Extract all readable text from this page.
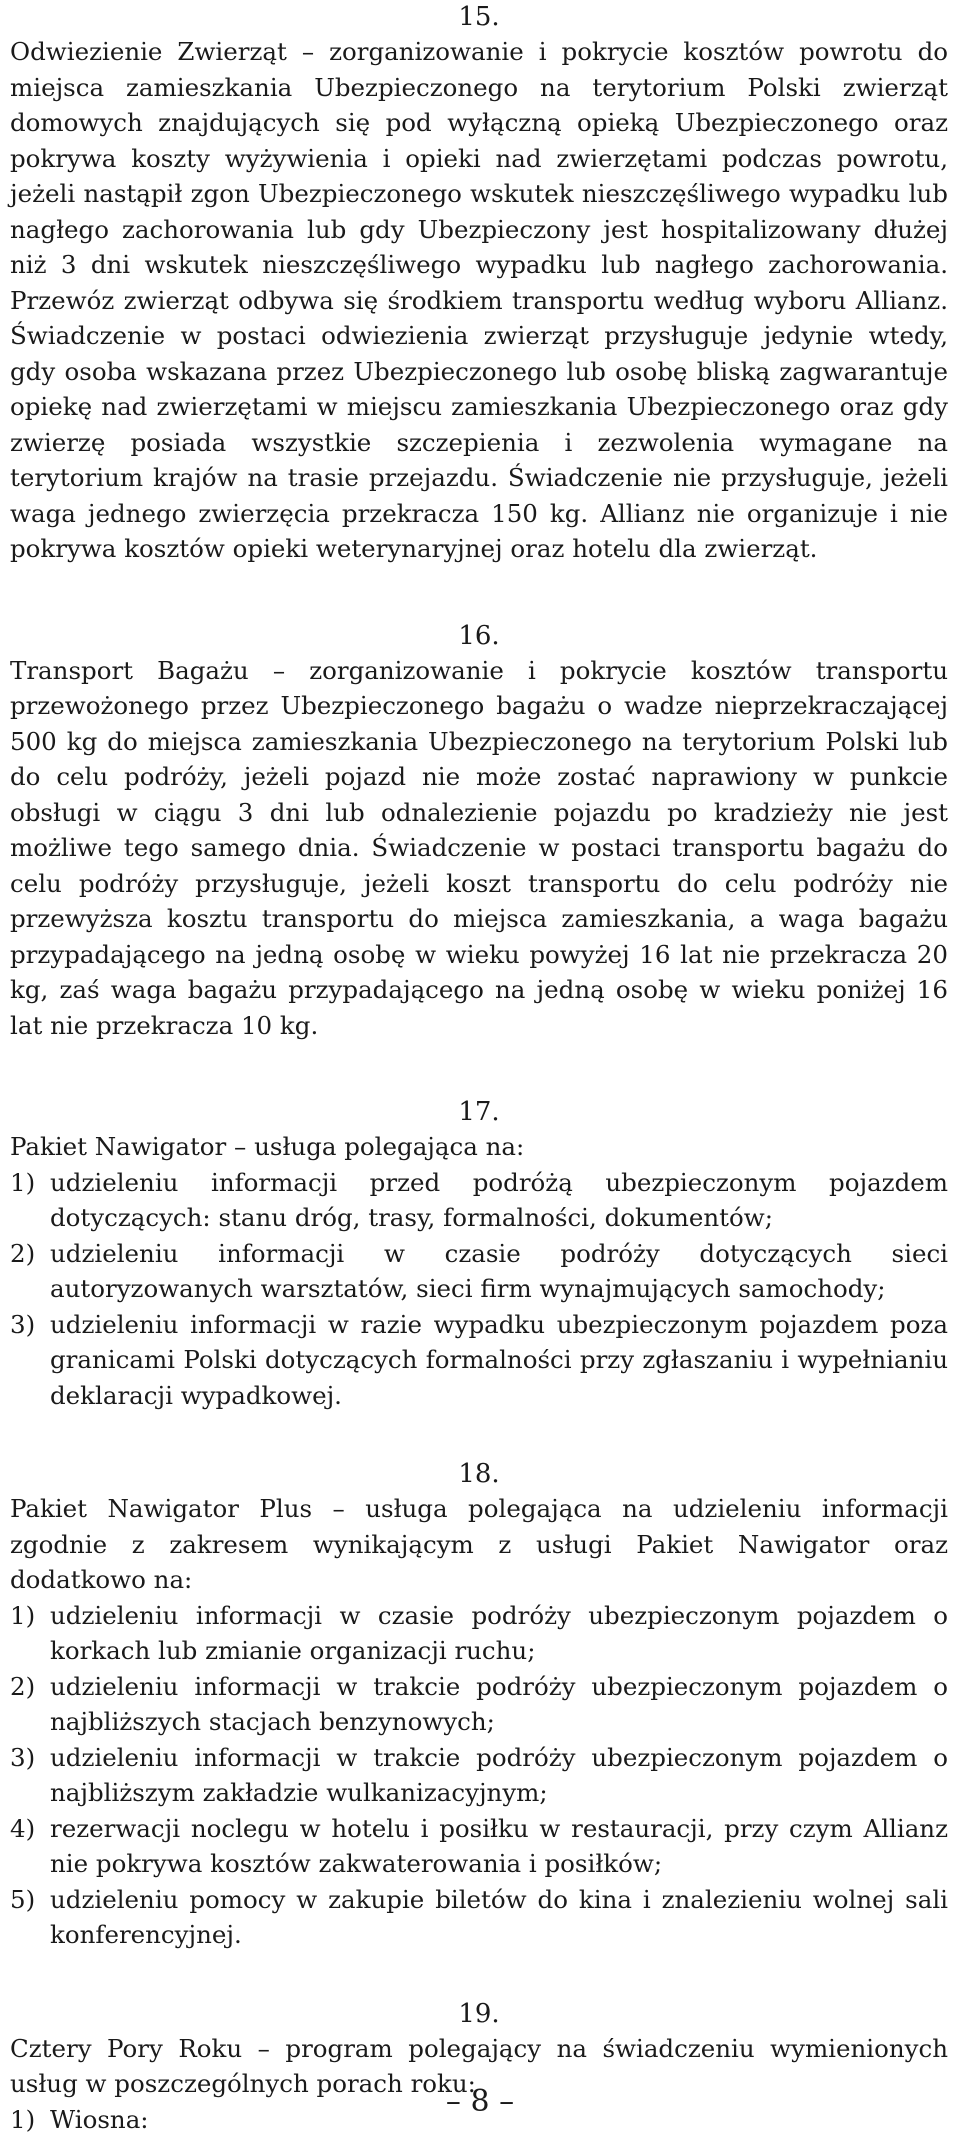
15.

Odwiezienie Zwierząt – zorganizowanie i pokrycie kosztów powrotu do miejsca zamieszkania Ubezpieczonego na terytorium Polski zwierząt domowych znajdujących się pod wyłączną opieką Ubezpieczonego oraz pokrywa koszty wyżywienia i opieki nad zwierzętami podczas powrotu, jeżeli nastąpił zgon Ubezpieczonego wskutek nieszczęśliwego wypadku lub nagłego zachorowania lub gdy Ubezpieczony jest hospitalizowany dłużej niż 3 dni wskutek nieszczęśliwego wypadku lub nagłego zachorowania. Przewóz zwierząt odbywa się środkiem transportu według wyboru Allianz. Świadczenie w postaci odwiezienia zwierząt przysługuje jedynie wtedy, gdy osoba wskazana przez Ubezpieczonego lub osobę bliską zagwarantuje opiekę nad zwierzętami w miejscu zamieszkania Ubezpieczonego oraz gdy zwierzę posiada wszystkie szczepienia i zezwolenia wymagane na terytorium krajów na trasie przejazdu. Świadczenie nie przysługuje, jeżeli waga jednego zwierzęcia przekracza 150 kg. Allianz nie organizuje i nie pokrywa kosztów opieki weterynaryjnej oraz hotelu dla zwierząt.

16.

Transport Bagażu – zorganizowanie i pokrycie kosztów transportu przewożonego przez Ubezpieczonego bagażu o wadze nieprzekraczającej 500 kg do miejsca zamieszkania Ubezpieczonego na terytorium Polski lub do celu podróży, jeżeli pojazd nie może zostać naprawiony w punkcie obsługi w ciągu 3 dni lub odnalezienie pojazdu po kradzieży nie jest możliwe tego samego dnia. Świadczenie w postaci transportu bagażu do celu podróży przysługuje, jeżeli koszt transportu do celu podróży nie przewyższa kosztu transportu do miejsca zamieszkania, a waga bagażu przypadającego na jedną osobę w wieku powyżej 16 lat nie przekracza 20 kg, zaś waga bagażu przypadającego na jedną osobę w wieku poniżej 16 lat nie przekracza 10 kg.

17.

Pakiet Nawigator – usługa polegająca na:

1) udzieleniu informacji przed podróżą ubezpieczonym pojazdem dotyczących: stanu dróg, trasy, formalności, dokumentów;
2) udzieleniu informacji w czasie podróży dotyczących sieci autoryzowanych warsztatów, sieci firm wynajmujących samochody;
3) udzieleniu informacji w razie wypadku ubezpieczonym pojazdem poza granicami Polski dotyczących formalności przy zgłaszaniu i wypełnianiu deklaracji wypadkowej.

18.

Pakiet Nawigator Plus – usługa polegająca na udzieleniu informacji zgodnie z zakresem wynikającym z usługi Pakiet Nawigator oraz dodatkowo na:

1) udzieleniu informacji w czasie podróży ubezpieczonym pojazdem o korkach lub zmianie organizacji ruchu;
2) udzieleniu informacji w trakcie podróży ubezpieczonym pojazdem o najbliższych stacjach benzynowych;
3) udzieleniu informacji w trakcie podróży ubezpieczonym pojazdem o najbliższym zakładzie wulkanizacyjnym;
4) rezerwacji noclegu w hotelu i posiłku w restauracji, przy czym Allianz nie pokrywa kosztów zakwaterowania i posiłków;
5) udzieleniu pomocy w zakupie biletów do kina i znalezieniu wolnej sali konferencyjnej.

19.

Cztery Pory Roku – program polegający na świadczeniu wymienionych usług w poszczególnych porach roku:

1) Wiosna:	– 8 –
